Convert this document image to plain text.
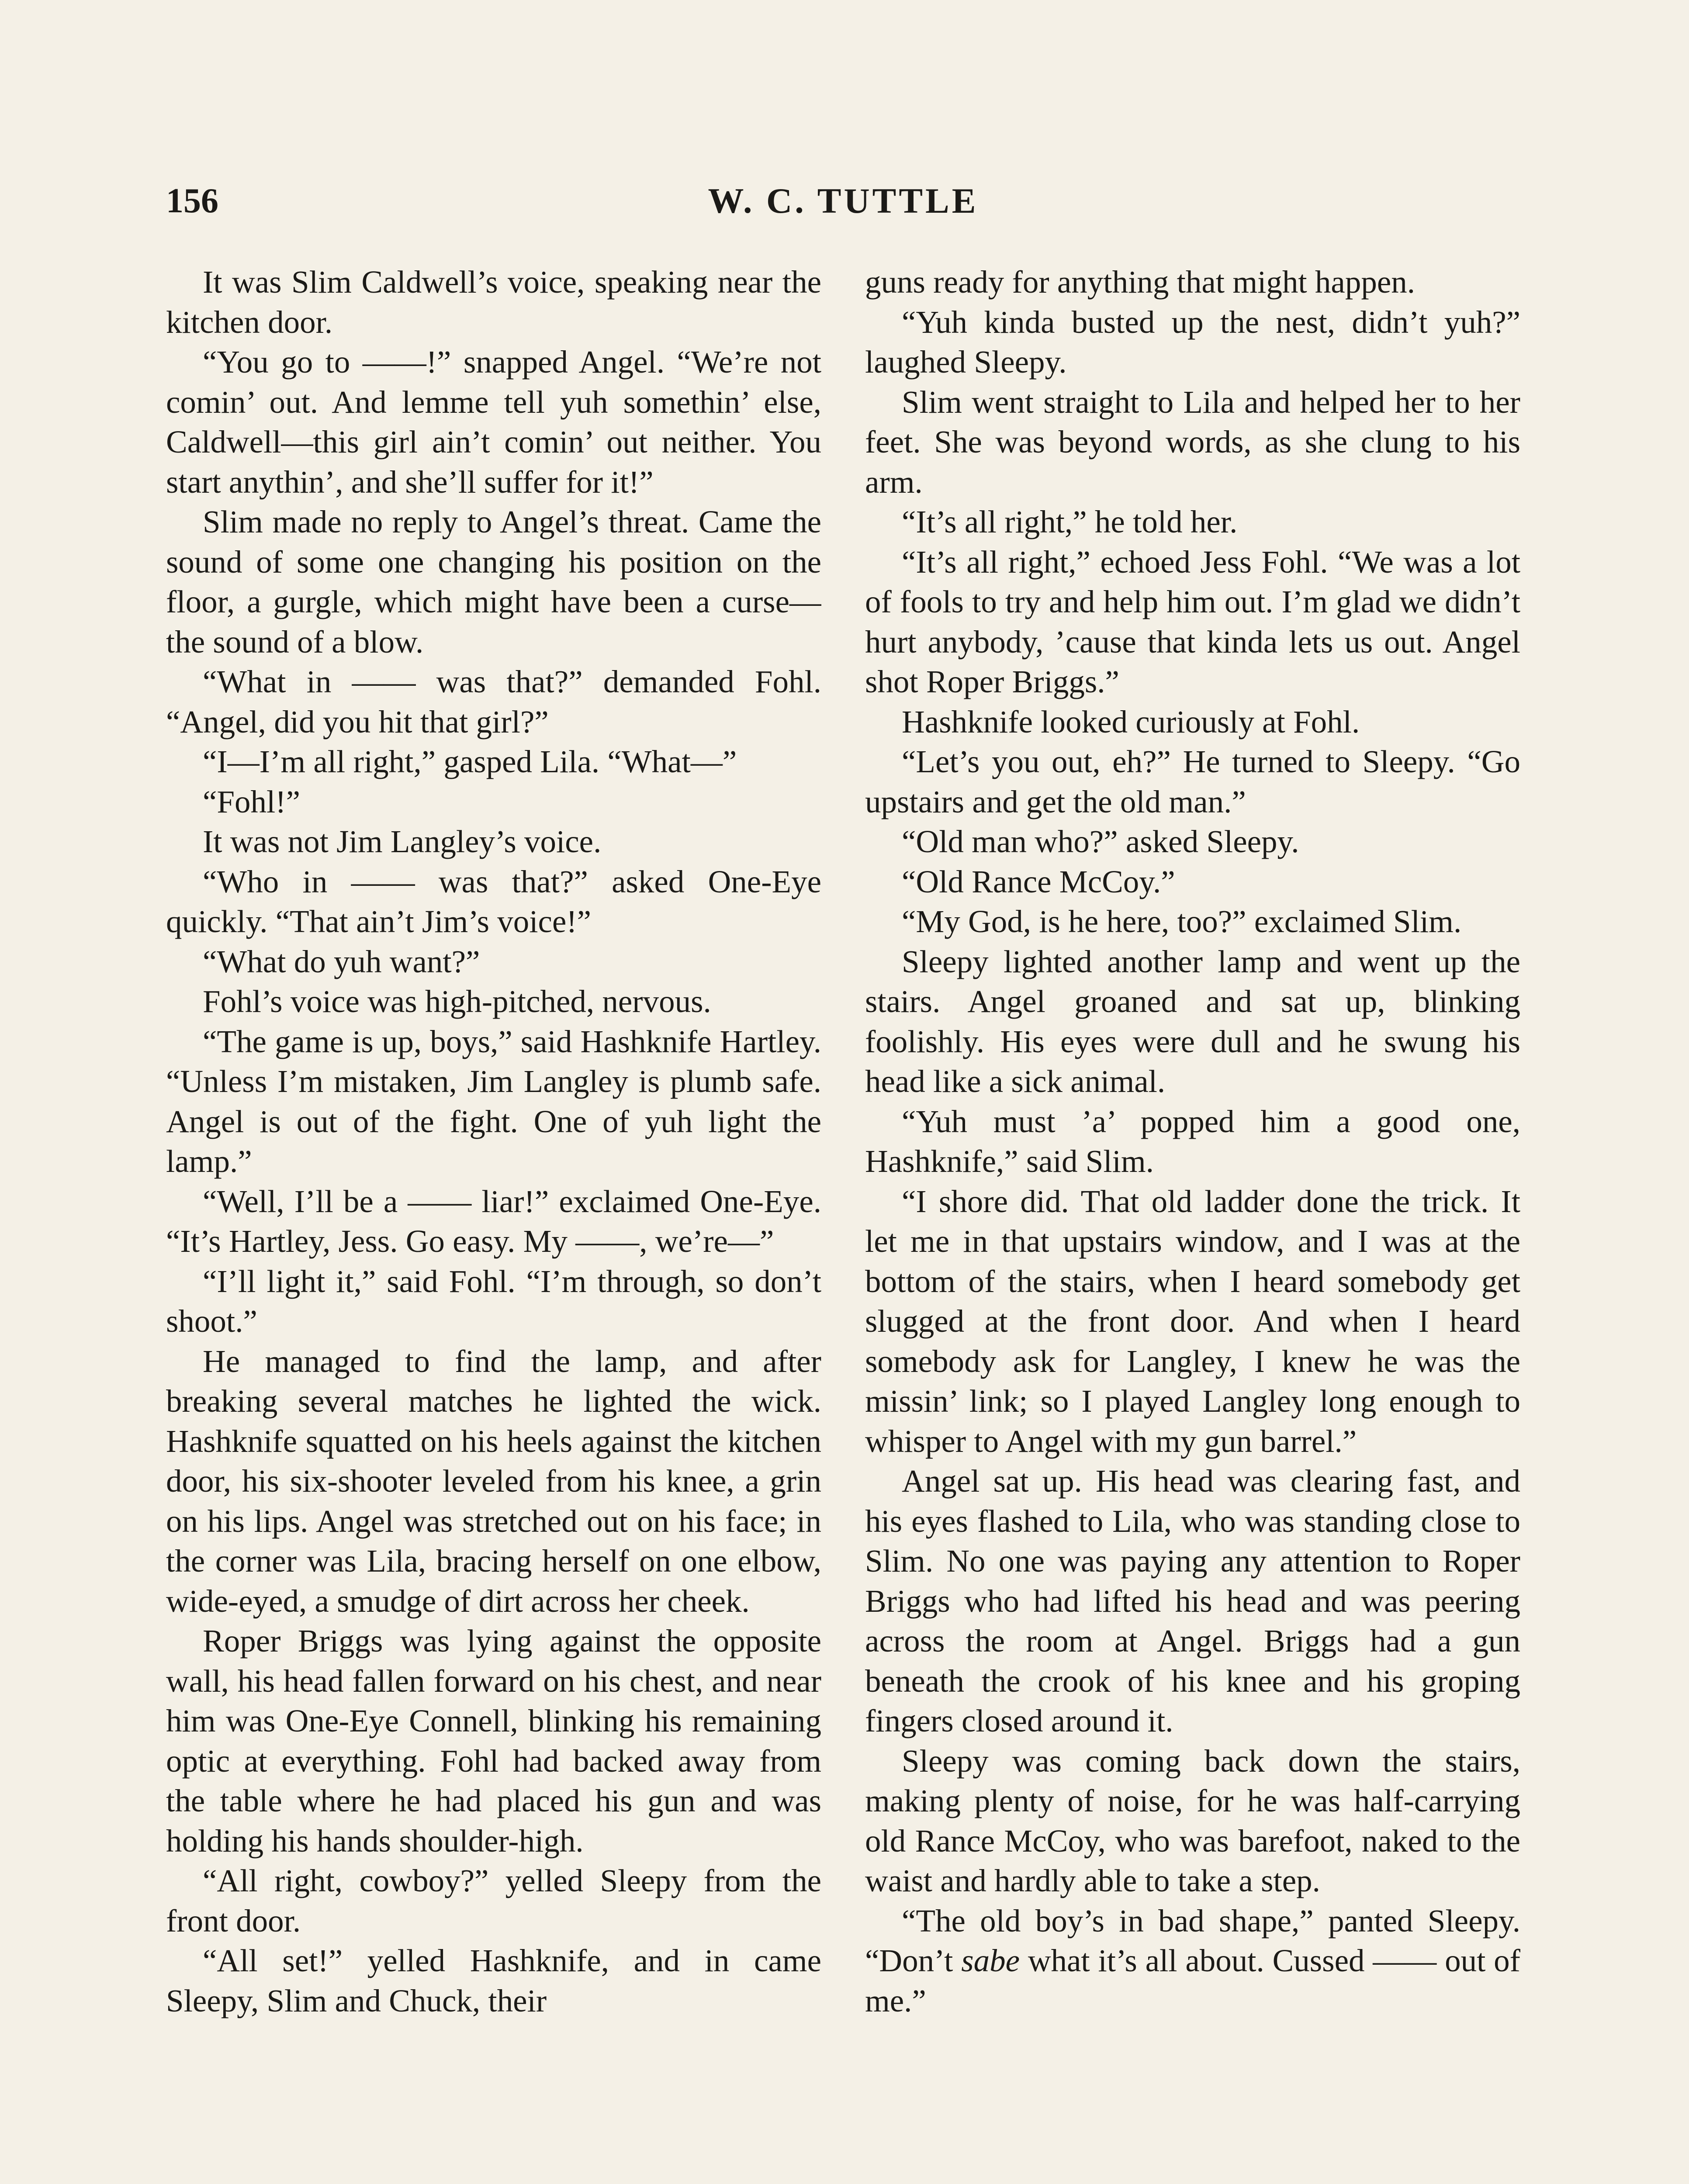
156	W. C. TUTTLE

It was Slim Caldwell’s voice, speaking near the kitchen door.

“You go to ——!” snapped Angel. “We’re not comin’ out. And lemme tell yuh somethin’ else, Caldwell—this girl ain’t comin’ out neither. You start anythin’, and she’ll suffer for it!”

Slim made no reply to Angel’s threat. Came the sound of some one changing his position on the floor, a gurgle, which might have been a curse—the sound of a blow.

“What in —— was that?” demanded Fohl. “Angel, did you hit that girl?”

“I—I’m all right,” gasped Lila. “What—”

“Fohl!”

It was not Jim Langley’s voice.

“Who in —— was that?” asked One-Eye quickly. “That ain’t Jim’s voice!”

“What do yuh want?”

Fohl’s voice was high-pitched, nervous.

“The game is up, boys,” said Hashknife Hartley. “Unless I’m mistaken, Jim Langley is plumb safe. Angel is out of the fight. One of yuh light the lamp.”

“Well, I’ll be a —— liar!” exclaimed One-Eye. “It’s Hartley, Jess. Go easy. My ——, we’re—”

“I’ll light it,” said Fohl. “I’m through, so don’t shoot.”

He managed to find the lamp, and after breaking several matches he lighted the wick. Hashknife squatted on his heels against the kitchen door, his six-shooter leveled from his knee, a grin on his lips. Angel was stretched out on his face; in the corner was Lila, bracing herself on one elbow, wide-eyed, a smudge of dirt across her cheek.

Roper Briggs was lying against the opposite wall, his head fallen forward on his chest, and near him was One-Eye Connell, blinking his remaining optic at everything. Fohl had backed away from the table where he had placed his gun and was holding his hands shoulder-high.

“All right, cowboy?” yelled Sleepy from the front door.

“All set!” yelled Hashknife, and in came Sleepy, Slim and Chuck, their

guns ready for anything that might happen.

“Yuh kinda busted up the nest, didn’t yuh?” laughed Sleepy.

Slim went straight to Lila and helped her to her feet. She was beyond words, as she clung to his arm.

“It’s all right,” he told her.

“It’s all right,” echoed Jess Fohl. “We was a lot of fools to try and help him out. I’m glad we didn’t hurt anybody, ’cause that kinda lets us out. Angel shot Roper Briggs.”

Hashknife looked curiously at Fohl.

“Let’s you out, eh?” He turned to Sleepy. “Go upstairs and get the old man.”

“Old man who?” asked Sleepy.

“Old Rance McCoy.”

“My God, is he here, too?” exclaimed Slim.

Sleepy lighted another lamp and went up the stairs. Angel groaned and sat up, blinking foolishly. His eyes were dull and he swung his head like a sick animal.

“Yuh must ’a’ popped him a good one, Hashknife,” said Slim.

“I shore did. That old ladder done the trick. It let me in that upstairs window, and I was at the bottom of the stairs, when I heard somebody get slugged at the front door. And when I heard somebody ask for Langley, I knew he was the missin’ link; so I played Langley long enough to whisper to Angel with my gun barrel.”

Angel sat up. His head was clearing fast, and his eyes flashed to Lila, who was standing close to Slim. No one was paying any attention to Roper Briggs who had lifted his head and was peering across the room at Angel. Briggs had a gun beneath the crook of his knee and his groping fingers closed around it.

Sleepy was coming back down the stairs, making plenty of noise, for he was half-carrying old Rance McCoy, who was barefoot, naked to the waist and hardly able to take a step.

“The old boy’s in bad shape,” panted Sleepy. “Don’t sabe what it’s all about. Cussed —— out of me.”
